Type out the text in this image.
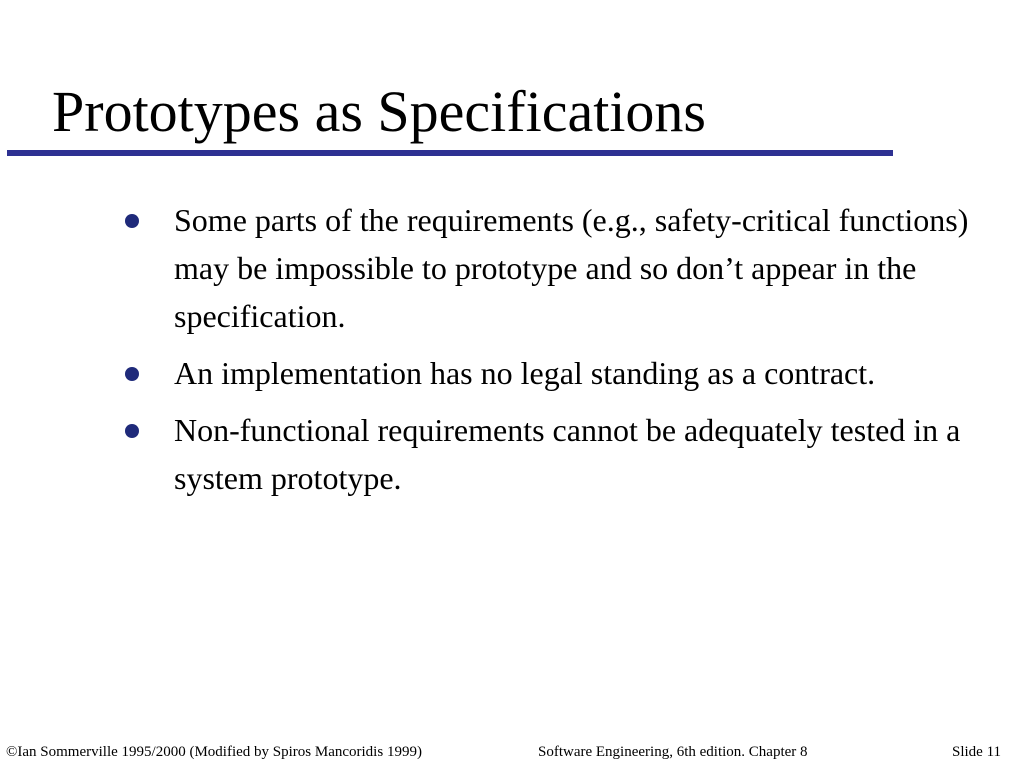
Prototypes as Specifications
Some parts of the requirements (e.g., safety-critical functions) may be impossible to prototype and so don’t appear in the specification.
An implementation has no legal standing as a contract.
Non-functional requirements cannot be adequately tested in a system prototype.
©Ian Sommerville 1995/2000 (Modified by Spiros Mancoridis 1999)	Software Engineering, 6th edition. Chapter 8	Slide 11
